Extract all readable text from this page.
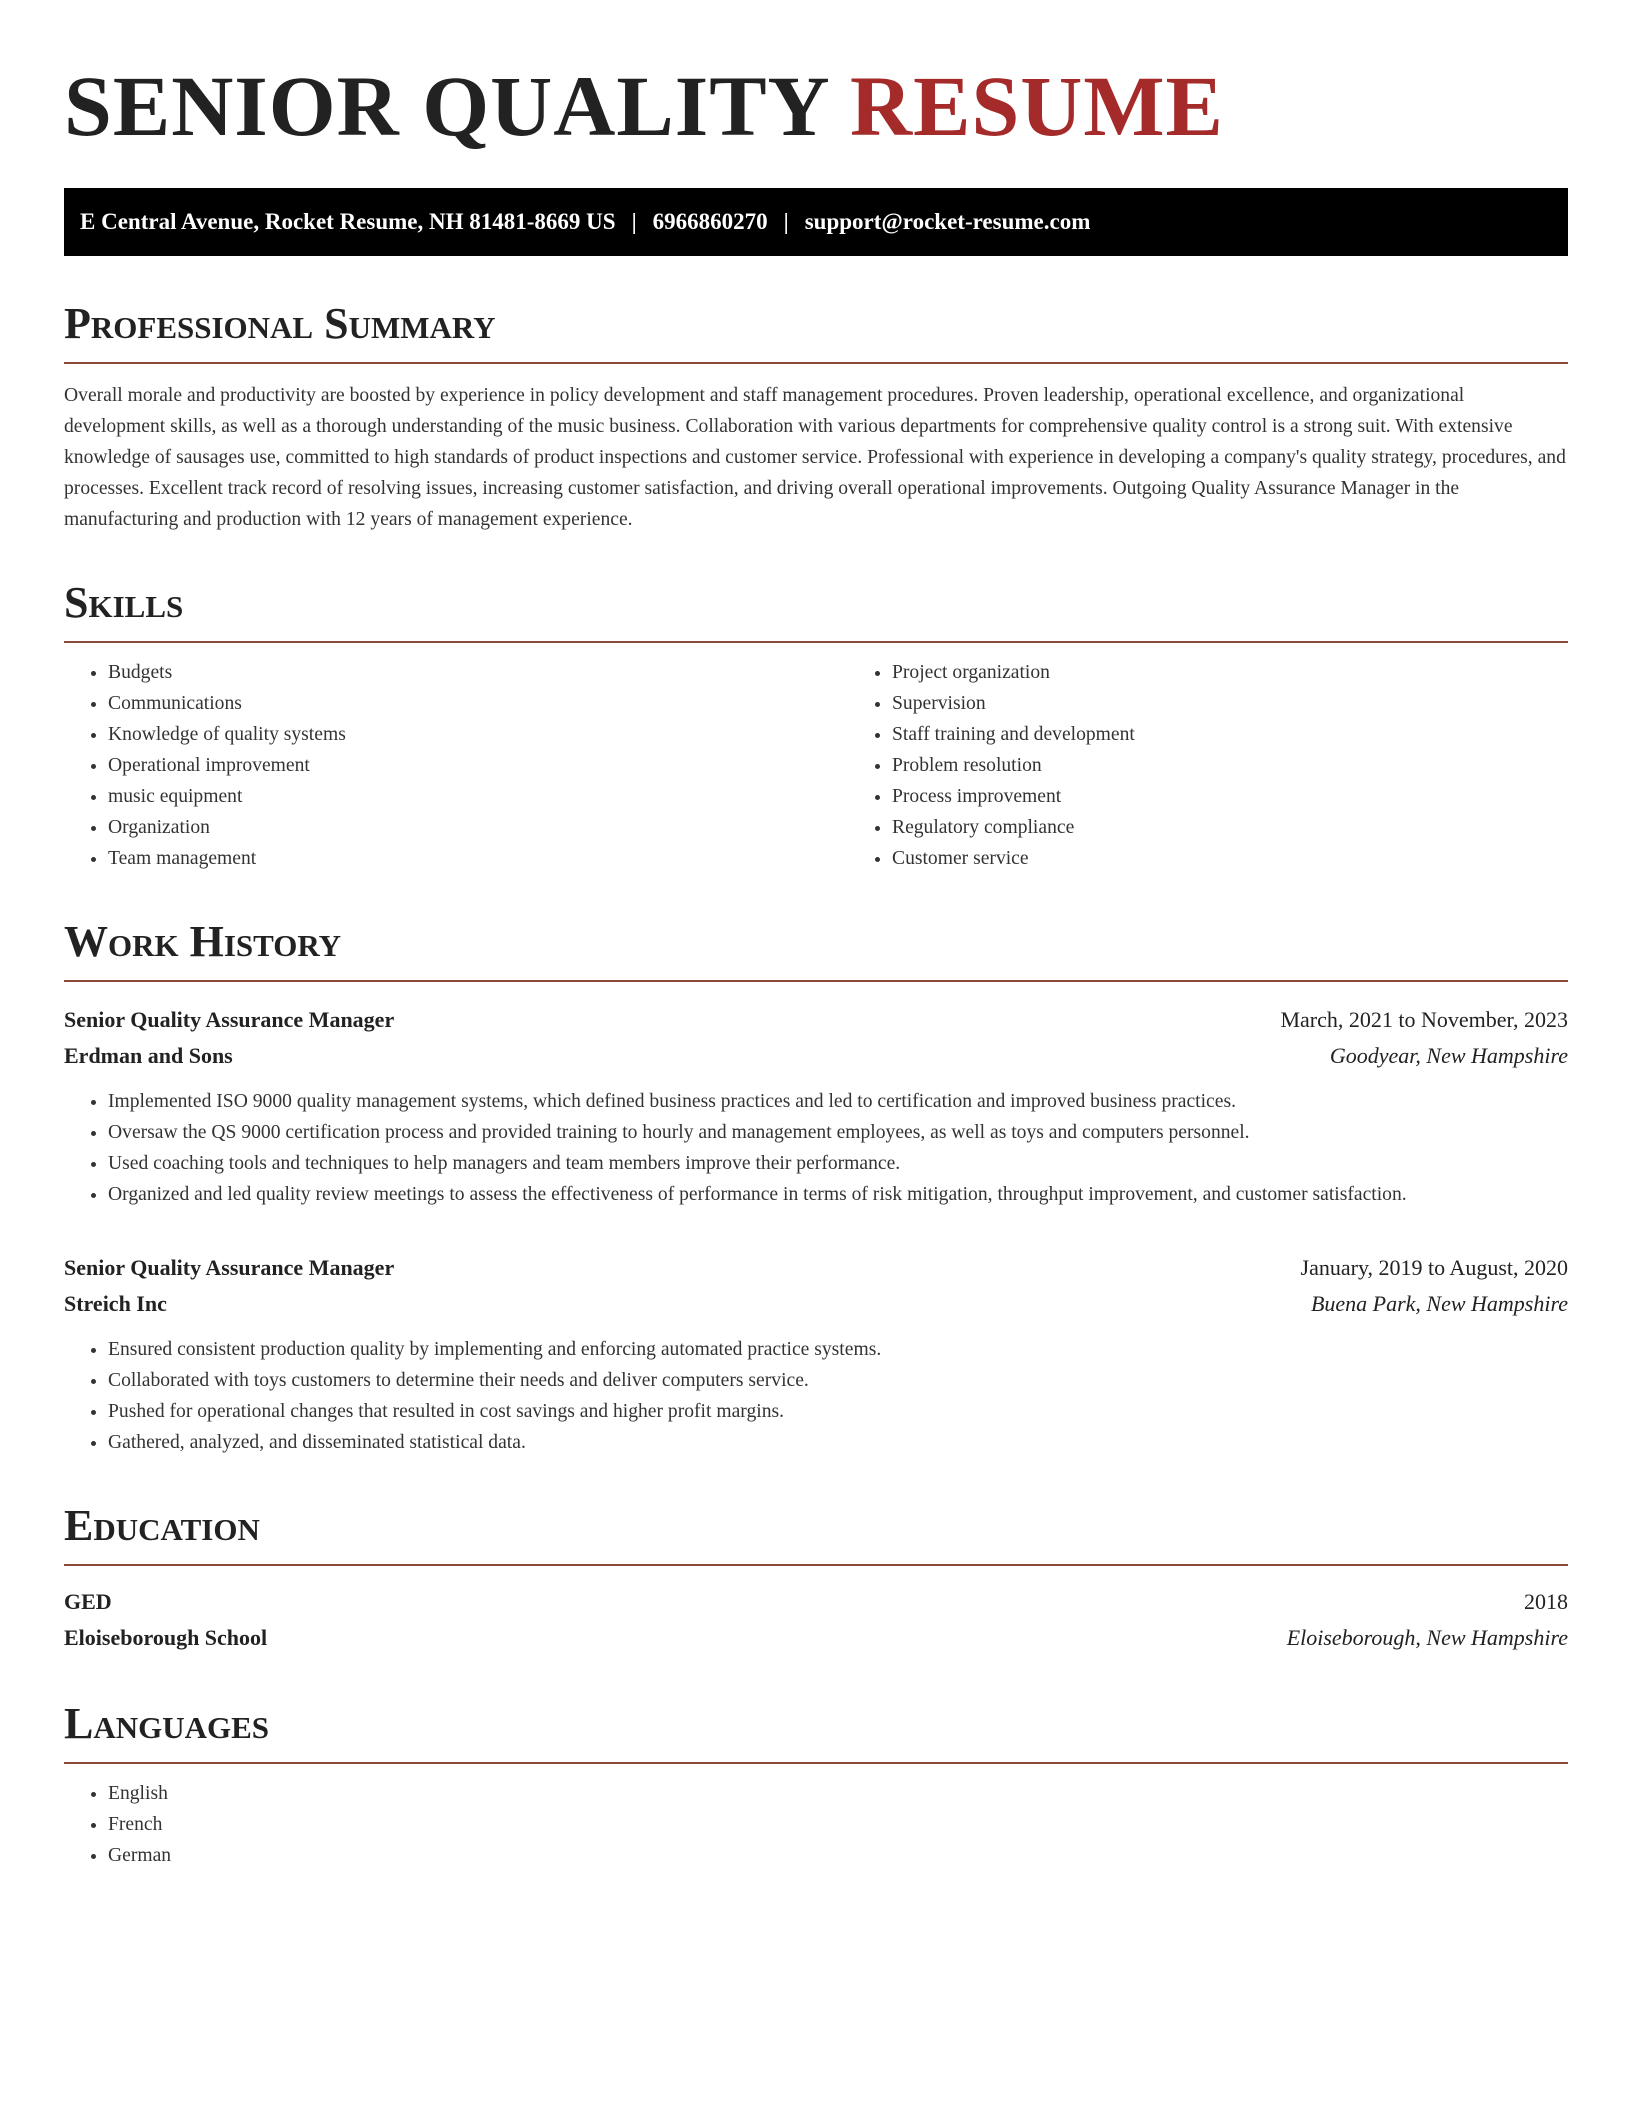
SENIOR QUALITY RESUME
E Central Avenue, Rocket Resume, NH 81481-8669 US | 6966860270 | support@rocket-resume.com
Professional Summary

Overall morale and productivity are boosted by experience in policy development and staff management procedures. Proven leadership, operational excellence, and organizational development skills, as well as a thorough understanding of the music business. Collaboration with various departments for comprehensive quality control is a strong suit. With extensive knowledge of sausages use, committed to high standards of product inspections and customer service. Professional with experience in developing a company's quality strategy, procedures, and processes. Excellent track record of resolving issues, increasing customer satisfaction, and driving overall operational improvements. Outgoing Quality Assurance Manager in the manufacturing and production with 12 years of management experience.

Skills
• Budgets
• Communications
• Knowledge of quality systems
• Operational improvement
• music equipment
• Organization
• Team management
• Project organization
• Supervision
• Staff training and development
• Problem resolution
• Process improvement
• Regulatory compliance
• Customer service
Work History
Senior Quality Assurance Manager	March, 2021 to November, 2023
Erdman and Sons	Goodyear, New Hampshire
• Implemented ISO 9000 quality management systems, which defined business practices and led to certification and improved business practices.
• Oversaw the QS 9000 certification process and provided training to hourly and management employees, as well as toys and computers personnel.
• Used coaching tools and techniques to help managers and team members improve their performance.
• Organized and led quality review meetings to assess the effectiveness of performance in terms of risk mitigation, throughput improvement, and customer satisfaction.
Senior Quality Assurance Manager	January, 2019 to August, 2020
Streich Inc	Buena Park, New Hampshire
• Ensured consistent production quality by implementing and enforcing automated practice systems.
• Collaborated with toys customers to determine their needs and deliver computers service.
• Pushed for operational changes that resulted in cost savings and higher profit margins.
• Gathered, analyzed, and disseminated statistical data.
Education
GED	2018
Eloiseborough School	Eloiseborough, New Hampshire
Languages
• English
• French
• German
